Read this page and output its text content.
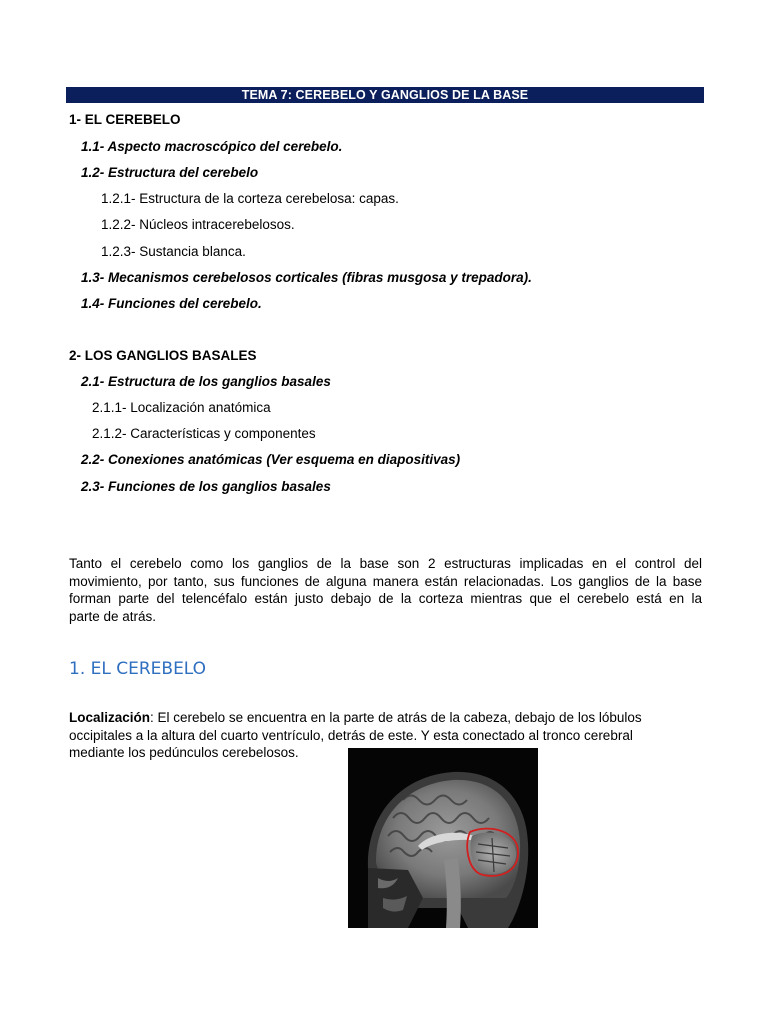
TEMA 7: CEREBELO Y GANGLIOS DE LA BASE
1- EL CEREBELO
1.1- Aspecto macroscópico del cerebelo.
1.2- Estructura del cerebelo
1.2.1- Estructura de la corteza cerebelosa: capas.
1.2.2- Núcleos intracerebelosos.
1.2.3- Sustancia blanca.
1.3- Mecanismos cerebelosos corticales (fibras musgosa y trepadora).
1.4- Funciones del cerebelo.
2- LOS GANGLIOS BASALES
2.1- Estructura de los ganglios basales
2.1.1- Localización anatómica
2.1.2- Características y componentes
2.2- Conexiones anatómicas (Ver esquema en diapositivas)
2.3- Funciones de los ganglios basales
Tanto el cerebelo como los ganglios de la base son 2 estructuras implicadas en el control del
movimiento, por tanto, sus funciones de alguna manera están relacionadas. Los ganglios de la base
forman parte del telencéfalo están justo debajo de la corteza mientras que el cerebelo está en la
parte de atrás.
1. EL CEREBELO
Localización: El cerebelo se encuentra en la parte de atrás de la cabeza, debajo de los lóbulos
occipitales a la altura del cuarto ventrículo, detrás de este. Y esta conectado al tronco cerebral
mediante los pedúnculos cerebelosos.
